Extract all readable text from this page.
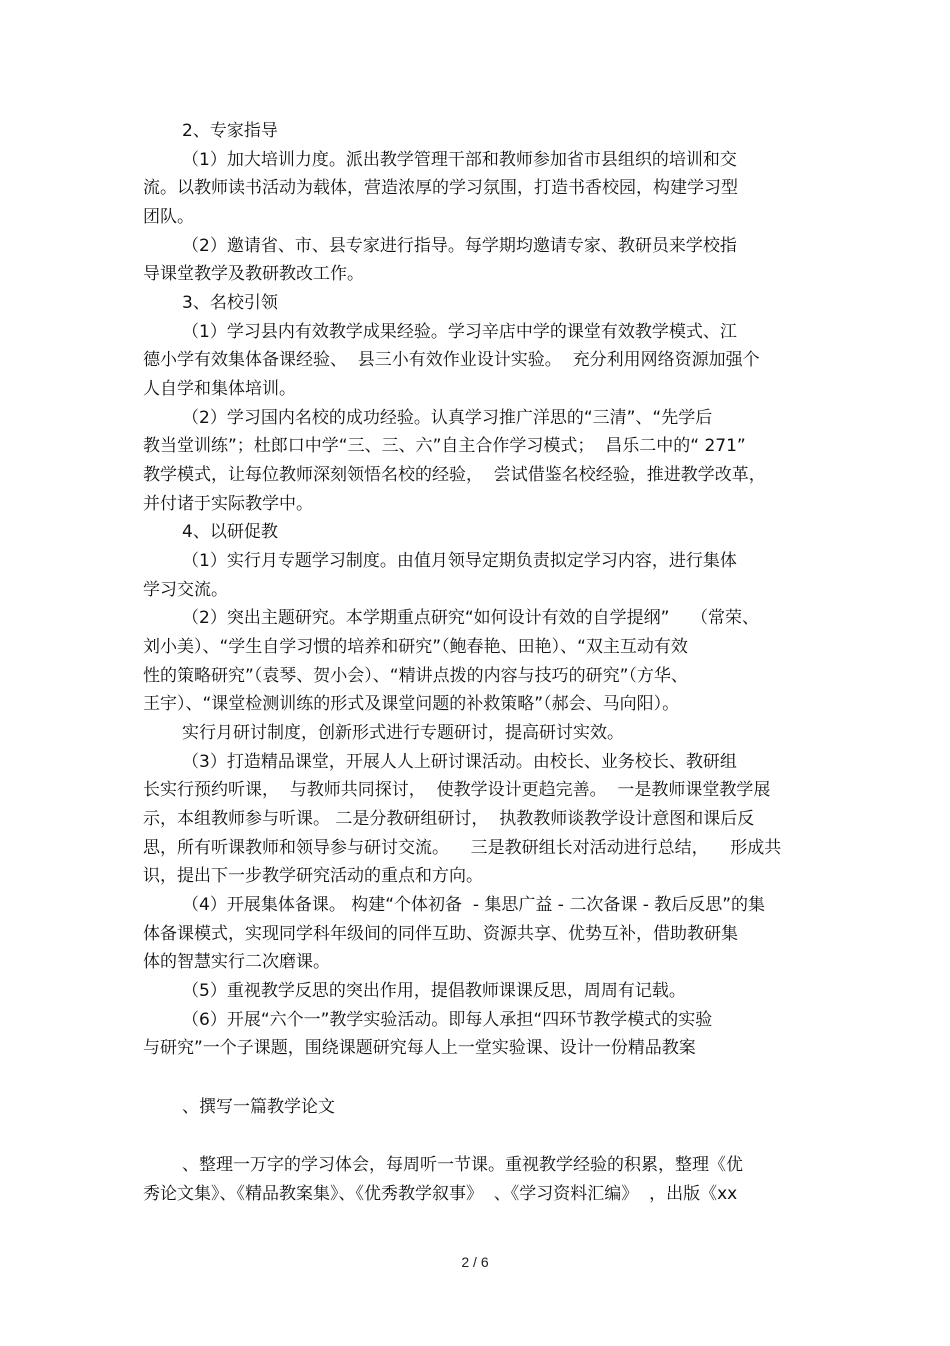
2、专家指导
（1）加大培训力度。派出教学管理干部和教师参加省市县组织的培训和交
流。以教师读书活动为载体，营造浓厚的学习氛围，打造书香校园，构建学习型
团队。
（2）邀请省、市、县专家进行指导。每学期均邀请专家、教研员来学校指
导课堂教学及教研教改工作。
3、名校引领
（1）学习县内有效教学成果经验。学习辛店中学的课堂有效教学模式、江
德小学有效集体备课经验、  县三小有效作业设计实验。  充分利用网络资源加强个
人自学和集体培训。
（2）学习国内名校的成功经验。认真学习推广洋思的“三清”、“先学后
教当堂训练”；杜郎口中学“三、三、六”自主合作学习模式；  昌乐二中的“ 271”
教学模式，让每位教师深刻领悟名校的经验，  尝试借鉴名校经验，推进教学改革，
并付诸于实际教学中。
4、以研促教
（1）实行月专题学习制度。由值月领导定期负责拟定学习内容，进行集体
学习交流。
（2）突出主题研究。本学期重点研究“如何设计有效的自学提纲”    （常荣、
刘小美）、“学生自学习惯的培养和研究”（鲍春艳、田艳）、“双主互动有效
性的策略研究”（袁琴、贺小会）、“精讲点拨的内容与技巧的研究”（方华、
王宇）、“课堂检测训练的形式及课堂问题的补救策略”（郝会、马向阳）。
实行月研讨制度，创新形式进行专题研讨，提高研讨实效。
（3）打造精品课堂，开展人人上研讨课活动。由校长、业务校长、教研组
长实行预约听课，  与教师共同探讨，  使教学设计更趋完善。  一是教师课堂教学展
示，本组教师参与听课。 二是分教研组研讨，  执教教师谈教学设计意图和课后反
思，所有听课教师和领导参与研讨交流。    三是教研组长对活动进行总结，    形成共
识，提出下一步教学研究活动的重点和方向。
（4）开展集体备课。 构建“个体初备  - 集思广益 - 二次备课 - 教后反思”的集
体备课模式，实现同学科年级间的同伴互助、资源共享、优势互补，借助教研集
体的智慧实行二次磨课。
（5）重视教学反思的突出作用，提倡教师课课反思，周周有记载。
（6）开展“六个一”教学实验活动。即每人承担“四环节教学模式的实验
与研究”一个子课题，围绕课题研究每人上一堂实验课、设计一份精品教案
、撰写一篇教学论文
、整理一万字的学习体会，每周听一节课。重视教学经验的积累，整理《优
秀论文集》、《精品教案集》、《优秀教学叙事》  、《学习资料汇编》  ，出版《xx
2 / 6
